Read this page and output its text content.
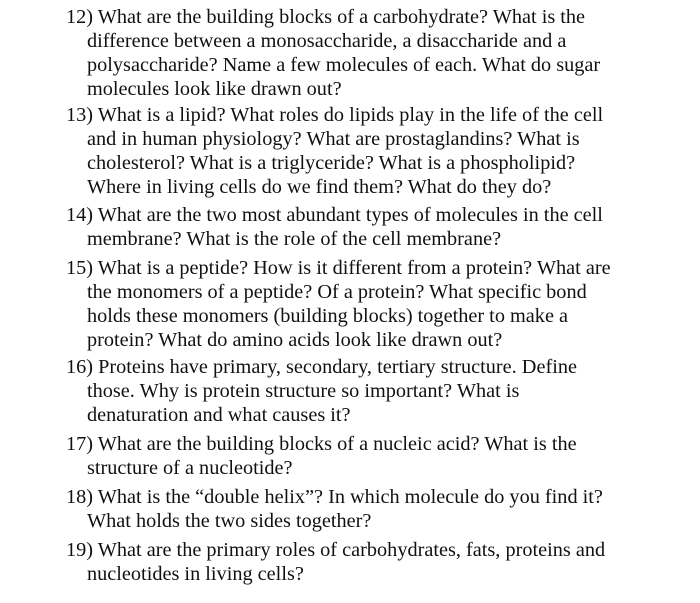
12) What are the building blocks of a carbohydrate? What is the
difference between a monosaccharide, a disaccharide and a
polysaccharide? Name a few molecules of each. What do sugar
molecules look like drawn out?
13) What is a lipid? What roles do lipids play in the life of the cell
and in human physiology? What are prostaglandins? What is
cholesterol? What is a triglyceride? What is a phospholipid?
Where in living cells do we find them? What do they do?
14) What are the two most abundant types of molecules in the cell
membrane? What is the role of the cell membrane?
15) What is a peptide? How is it different from a protein? What are
the monomers of a peptide? Of a protein? What specific bond
holds these monomers (building blocks) together to make a
protein? What do amino acids look like drawn out?
16) Proteins have primary, secondary, tertiary structure. Define
those. Why is protein structure so important? What is
denaturation and what causes it?
17) What are the building blocks of a nucleic acid? What is the
structure of a nucleotide?
18) What is the “double helix”? In which molecule do you find it?
What holds the two sides together?
19) What are the primary roles of carbohydrates, fats, proteins and
nucleotides in living cells?
